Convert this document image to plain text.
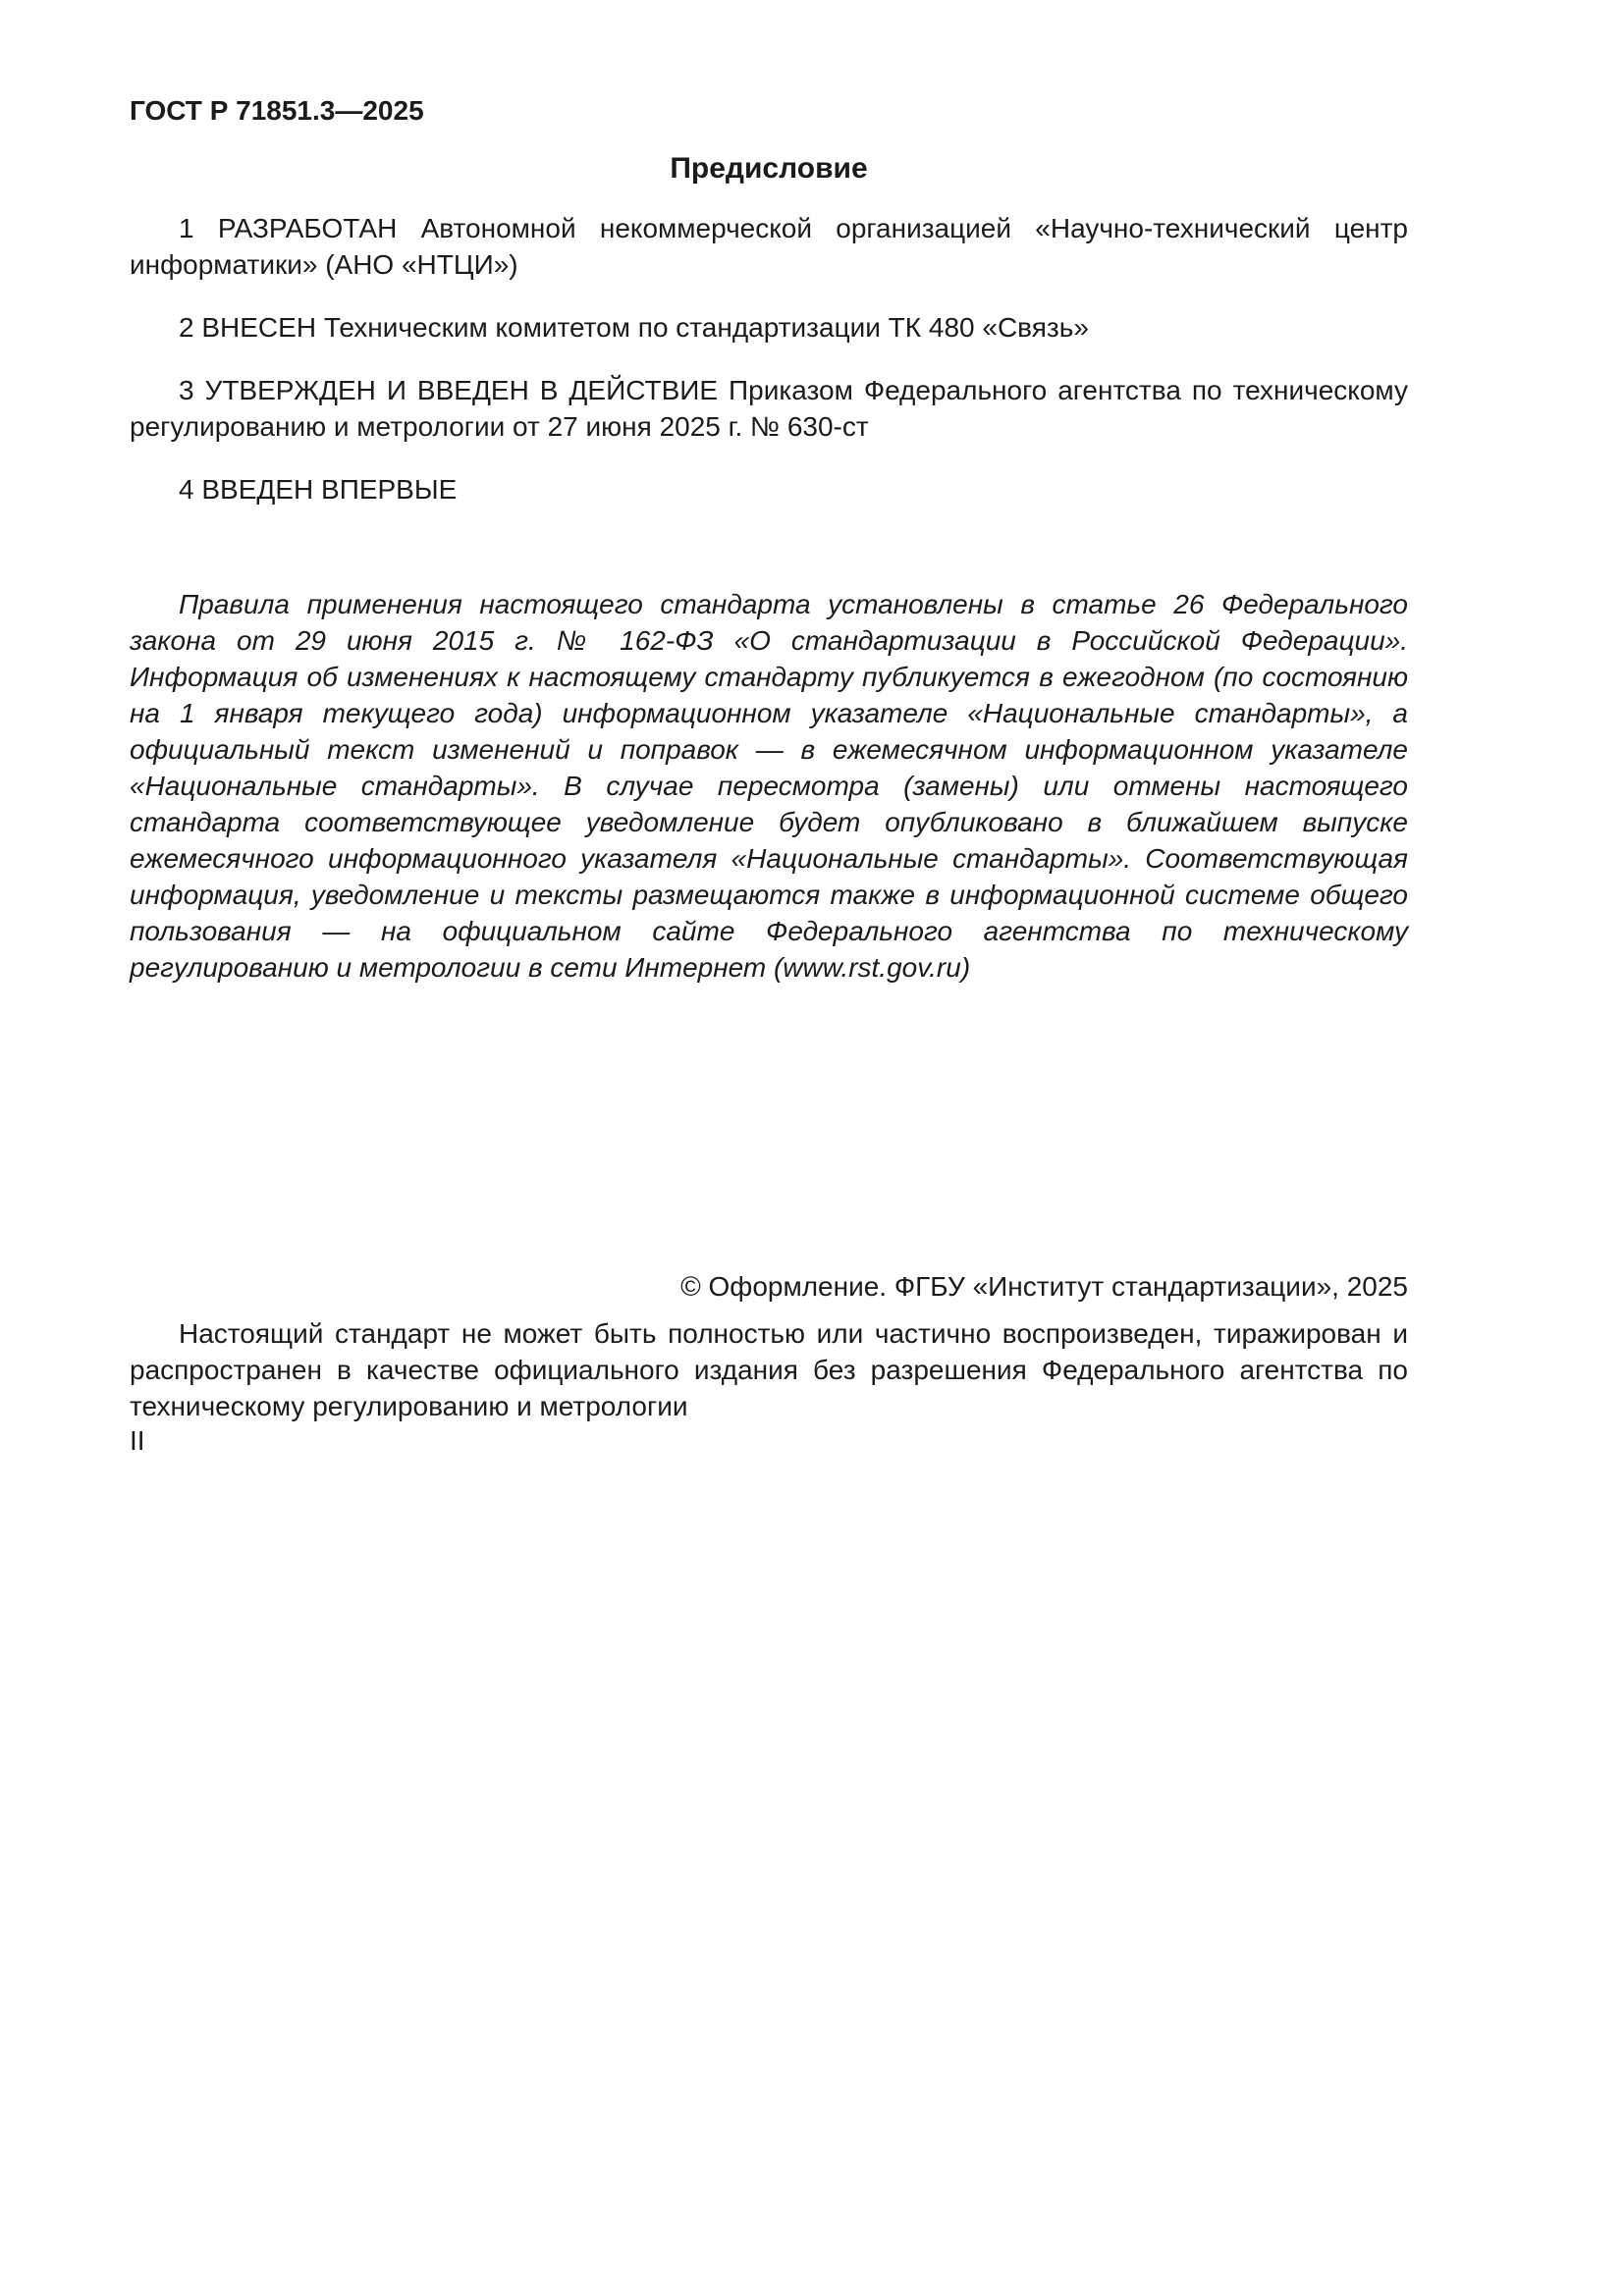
ГОСТ Р 71851.3—2025
Предисловие

1 РАЗРАБОТАН Автономной некоммерческой организацией «Научно-технический центр информатики» (АНО «НТЦИ»)

2 ВНЕСЕН Техническим комитетом по стандартизации ТК 480 «Связь»

3 УТВЕРЖДЕН И ВВЕДЕН В ДЕЙСТВИЕ Приказом Федерального агентства по техническому регулированию и метрологии от 27 июня 2025 г. № 630-ст

4 ВВЕДЕН ВПЕРВЫЕ

Правила применения настоящего стандарта установлены в статье 26 Федерального закона от 29 июня 2015 г. № 162-ФЗ «О стандартизации в Российской Федерации». Информация об изменениях к настоящему стандарту публикуется в ежегодном (по состоянию на 1 января текущего года) информационном указателе «Национальные стандарты», а официальный текст изменений и поправок — в ежемесячном информационном указателе «Национальные стандарты». В случае пересмотра (замены) или отмены настоящего стандарта соответствующее уведомление будет опубликовано в ближайшем выпуске ежемесячного информационного указателя «Национальные стандарты». Соответствующая информация, уведомление и тексты размещаются также в информационной системе общего пользования — на официальном сайте Федерального агентства по техническому регулированию и метрологии в сети Интернет (www.rst.gov.ru)

© Оформление. ФГБУ «Институт стандартизации», 2025

Настоящий стандарт не может быть полностью или частично воспроизведен, тиражирован и распространен в качестве официального издания без разрешения Федерального агентства по техническому регулированию и метрологии

II
